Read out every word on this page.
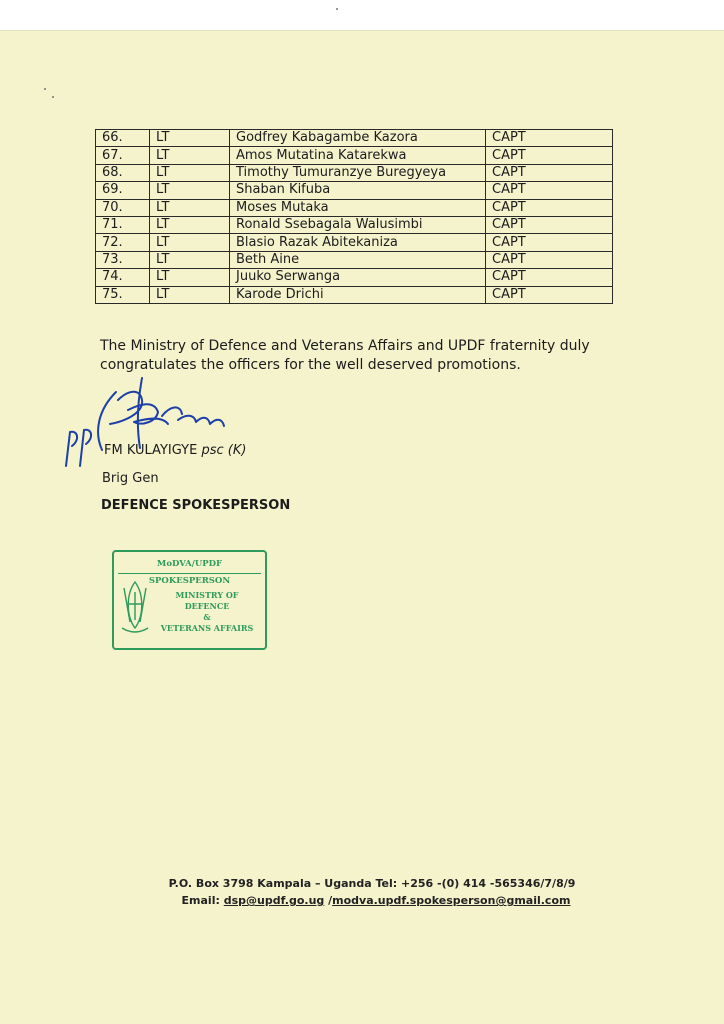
66.	LT	Godfrey Kabagambe Kazora	CAPT
67.	LT	Amos Mutatina Katarekwa	CAPT
68.	LT	Timothy Tumuranzye Buregyeya	CAPT
69.	LT	Shaban Kifuba	CAPT
70.	LT	Moses Mutaka	CAPT
71.	LT	Ronald Ssebagala Walusimbi	CAPT
72.	LT	Blasio Razak Abitekaniza	CAPT
73.	LT	Beth Aine	CAPT
74.	LT	Juuko Serwanga	CAPT
75.	LT	Karode Drichi	CAPT

The Ministry of Defence and Veterans Affairs and UPDF fraternity duly

congratulates the officers for the well deserved promotions.

FM KULAYIGYE psc (K)
Brig Gen
DEFENCE SPOKESPERSON
MoDVA/UPDF SPOKESPERSON
MINISTRY OF DEFENCE
&
VETERANS AFFAIRS
P.O. Box 3798 Kampala – Uganda Tel: +256 -(0) 414 -565346/7/8/9
Email: dsp@updf.go.ug /modva.updf.spokesperson@gmail.com
